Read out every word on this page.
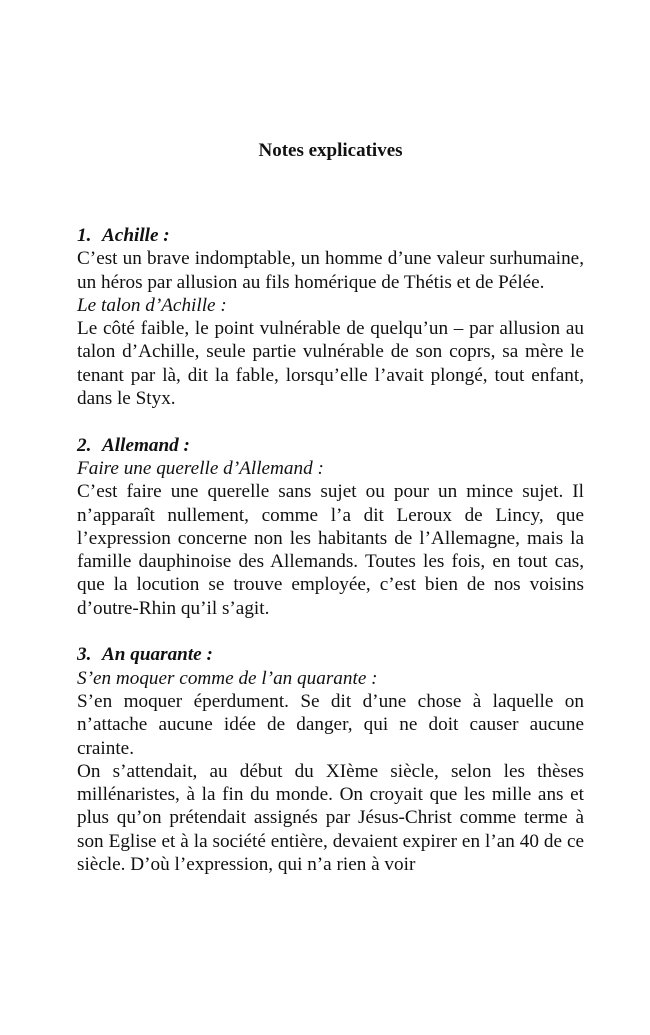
Notes explicatives

1. Achille :

C’est un brave indomptable, un homme d’une valeur surhumaine, un héros par allusion au fils homérique de Thétis et de Pélée.

Le talon d’Achille :

Le côté faible, le point vulnérable de quelqu’un – par allusion au talon d’Achille, seule partie vulnérable de son coprs, sa mère le tenant par là, dit la fable, lorsqu’elle l’avait plongé, tout enfant, dans le Styx.

2. Allemand :

Faire une querelle d’Allemand :

C’est faire une querelle sans sujet ou pour un mince sujet. Il n’apparaît nullement, comme l’a dit Leroux de Lincy, que l’expression concerne non les habitants de l’Allemagne, mais la famille dauphinoise des Allemands. Toutes les fois, en tout cas, que la locution se trouve employée, c’est bien de nos voisins d’outre-Rhin qu’il s’agit.

3. An quarante :

S’en moquer comme de l’an quarante :

S’en moquer éperdument. Se dit d’une chose à laquelle on n’attache aucune idée de danger, qui ne doit causer aucune crainte.

On s’attendait, au début du XIème siècle, selon les thèses millénaristes, à la fin du monde. On croyait que les mille ans et plus qu’on prétendait assignés par Jésus-Christ comme terme à son Eglise et à la société entière, devaient expirer en l’an 40 de ce siècle. D’où l’expression, qui n’a rien à voir
